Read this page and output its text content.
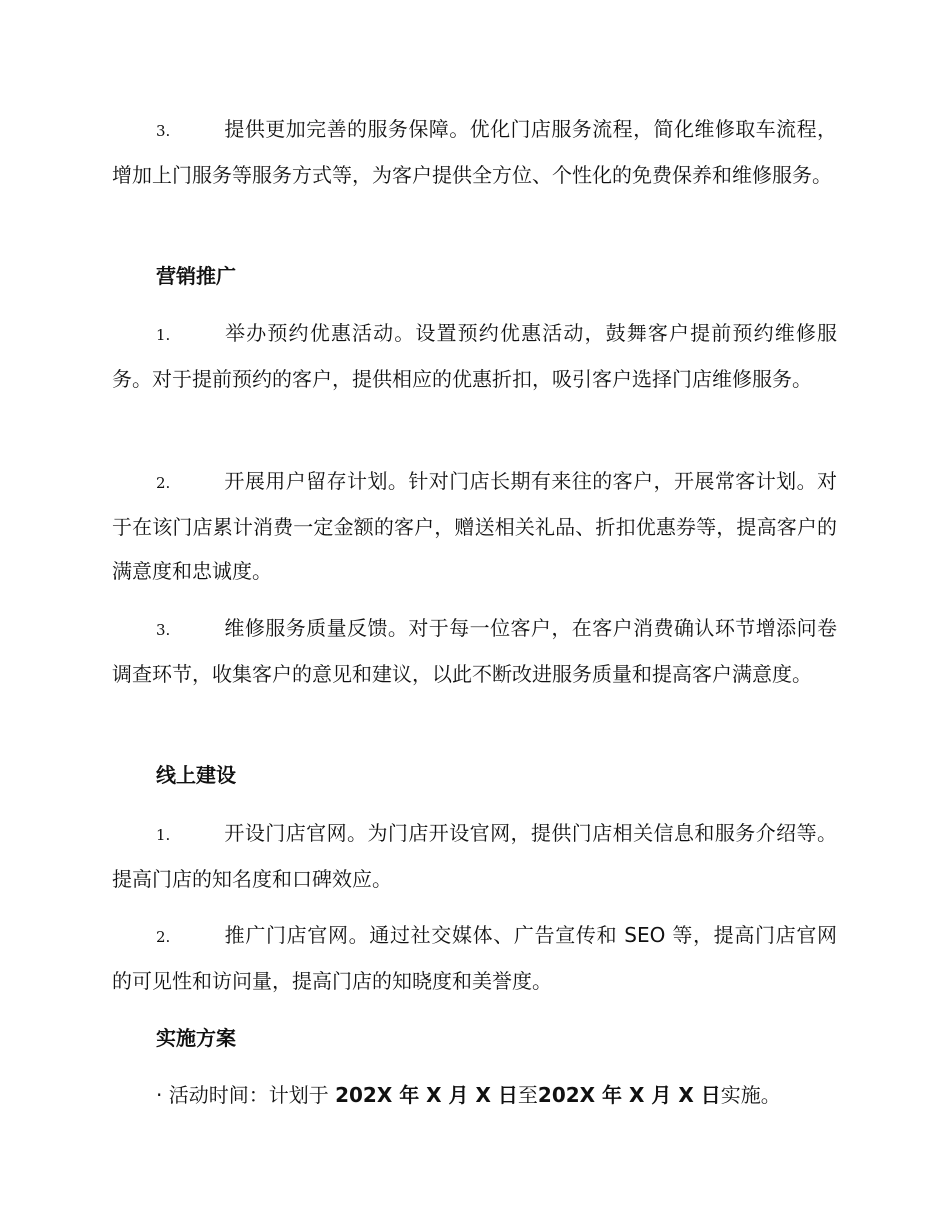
3.	提供更加完善的服务保障。优化门店服务流程，简化维修取车流程，增加上门服务等服务方式等，为客户提供全方位、个性化的免费保养和维修服务。

营销推广

1.	举办预约优惠活动。设置预约优惠活动，鼓舞客户提前预约维修服务。对于提前预约的客户，提供相应的优惠折扣，吸引客户选择门店维修服务。

2.	开展用户留存计划。针对门店长期有来往的客户，开展常客计划。对于在该门店累计消费一定金额的客户，赠送相关礼品、折扣优惠券等，提高客户的满意度和忠诚度。

3.	维修服务质量反馈。对于每一位客户，在客户消费确认环节增添问卷调查环节，收集客户的意见和建议，以此不断改进服务质量和提高客户满意度。

线上建设

1.	开设门店官网。为门店开设官网，提供门店相关信息和服务介绍等。提高门店的知名度和口碑效应。

2.	推广门店官网。通过社交媒体、广告宣传和 SEO 等，提高门店官网的可见性和访问量，提高门店的知晓度和美誉度。

实施方案

· 活动时间：计划于 202X 年 X 月 X 日至202X 年 X 月 X 日实施。
